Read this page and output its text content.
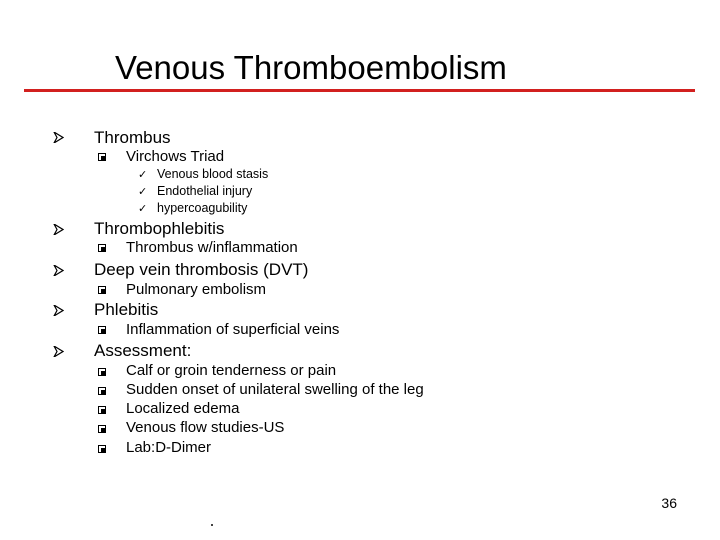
Venous Thromboembolism
Thrombus
Virchows Triad
✓ Venous blood stasis
✓ Endothelial injury
✓ hypercoagubility
Thrombophlebitis
Thrombus w/inflammation
Deep vein thrombosis (DVT)
Pulmonary embolism
Phlebitis
Inflammation of superficial veins
Assessment:
Calf or groin tenderness or pain
Sudden onset of unilateral swelling of the leg
Localized edema
Venous flow studies-US
Lab:D-Dimer
36
